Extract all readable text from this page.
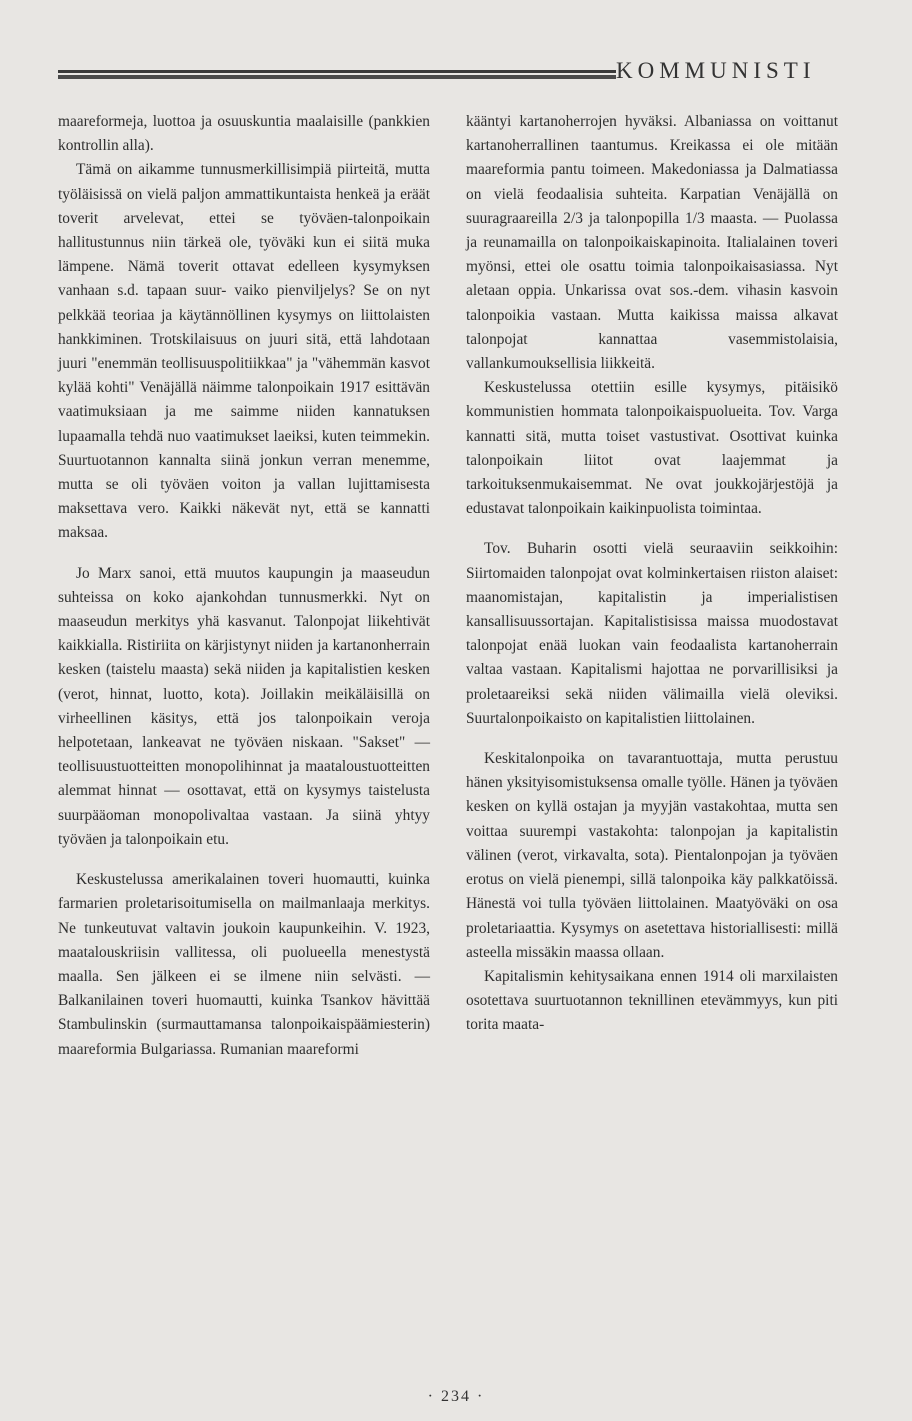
KOMMUNISTI

maareformeja, luottoa ja osuuskuntia maalaisille (pankkien kontrollin alla).

Tämä on aikamme tunnusmerkillisimpiä piirteitä, mutta työläisissä on vielä paljon ammattikuntaista henkeä ja eräät toverit arvelevat, ettei se työväen-talonpoikain hallitustunnus niin tärkeä ole, työväki kun ei siitä muka lämpene. Nämä toverit ottavat edelleen kysymyksen vanhaan s.d. tapaan suur- vaiko pienviljelys? Se on nyt pelkkää teoriaa ja käytännöllinen kysymys on liittolaisten hankkiminen. Trotskilaisuus on juuri sitä, että lahdotaan juuri "enemmän teollisuuspolitiikkaa" ja "vähemmän kasvot kylää kohti" Venäjällä näimme talonpoikain 1917 esittävän vaatimuksiaan ja me saimme niiden kannatuksen lupaamalla tehdä nuo vaatimukset laeiksi, kuten teimmekin. Suurtuotannon kannalta siinä jonkun verran menemme, mutta se oli työväen voiton ja vallan lujittamisesta maksettava vero. Kaikki näkevät nyt, että se kannatti maksaa.

Jo Marx sanoi, että muutos kaupungin ja maaseudun suhteissa on koko ajankohdan tunnusmerkki. Nyt on maaseudun merkitys yhä kasvanut. Talonpojat liikehtivät kaikkialla. Ristiriita on kärjistynyt niiden ja kartanonherrain kesken (taistelu maasta) sekä niiden ja kapitalistien kesken (verot, hinnat, luotto, kota). Joillakin meikäläisillä on virheellinen käsitys, että jos talonpoikain veroja helpotetaan, lankeavat ne työväen niskaan. "Sakset" — teollisuustuotteitten monopolihinnat ja maataloustuotteitten alemmat hinnat — osottavat, että on kysymys taistelusta suurpääoman monopolivaltaa vastaan. Ja siinä yhtyy työväen ja talonpoikain etu.

Keskustelussa amerikalainen toveri huomautti, kuinka farmarien proletarisoitumisella on mailmanlaaja merkitys. Ne tunkeutuvat valtavin joukoin kaupunkeihin. V. 1923, maatalouskriisin vallitessa, oli puolueella menestystä maalla. Sen jälkeen ei se ilmene niin selvästi. — Balkanilainen toveri huomautti, kuinka Tsankov hävittää Stambulinskin (surmauttamansa talonpoikaispäämiesterin) maareformia Bulgariassa. Rumanian maareformi

kääntyi kartanoherrojen hyväksi. Albaniassa on voittanut kartanoherrallinen taantumus. Kreikassa ei ole mitään maareformia pantu toimeen. Makedoniassa ja Dalmatiassa on vielä feodaalisia suhteita. Karpatian Venäjällä on suuragraareilla 2/3 ja talonpopilla 1/3 maasta. — Puolassa ja reunamailla on talonpoikaiskapinoita. Italialainen toveri myönsi, ettei ole osattu toimia talonpoikaisasiassa. Nyt aletaan oppia. Unkarissa ovat sos.-dem. vihasin kasvoin talonpoikia vastaan. Mutta kaikissa maissa alkavat talonpojat kannattaa vasemmistolaisia, vallankumouksellisia liikkeitä.

Keskustelussa otettiin esille kysymys, pitäisikö kommunistien hommata talonpoikaispuolueita. Tov. Varga kannatti sitä, mutta toiset vastustivat. Osottivat kuinka talonpoikain liitot ovat laajemmat ja tarkoituksenmukaisemmat. Ne ovat joukkojärjestöjä ja edustavat talonpoikain kaikinpuolista toimintaa.

Tov. Buharin osotti vielä seuraaviin seikkoihin: Siirtomaiden talonpojat ovat kolminkertaisen riiston alaiset: maanomistajan, kapitalistin ja imperialistisen kansallisuussortajan. Kapitalistisissa maissa muodostavat talonpojat enää luokan vain feodaalista kartanoherrain valtaa vastaan. Kapitalismi hajottaa ne porvarillisiksi ja proletaareiksi sekä niiden välimailla vielä oleviksi. Suurtalonpoikaisto on kapitalistien liittolainen.

Keskitalonpoika on tavarantuottaja, mutta perustuu hänen yksityisomistuksensa omalle työlle. Hänen ja työväen kesken on kyllä ostajan ja myyjän vastakohtaa, mutta sen voittaa suurempi vastakohta: talonpojan ja kapitalistin välinen (verot, virkavalta, sota). Pientalonpojan ja työväen erotus on vielä pienempi, sillä talonpoika käy palkkatöissä. Hänestä voi tulla työväen liittolainen. Maatyöväki on osa proletariaattia. Kysymys on asetettava historiallisesti: millä asteella missäkin maassa ollaan.

Kapitalismin kehitysaikana ennen 1914 oli marxilaisten osotettava suurtuotannon teknillinen etevämmyys, kun piti torita maata-

· 234 ·
